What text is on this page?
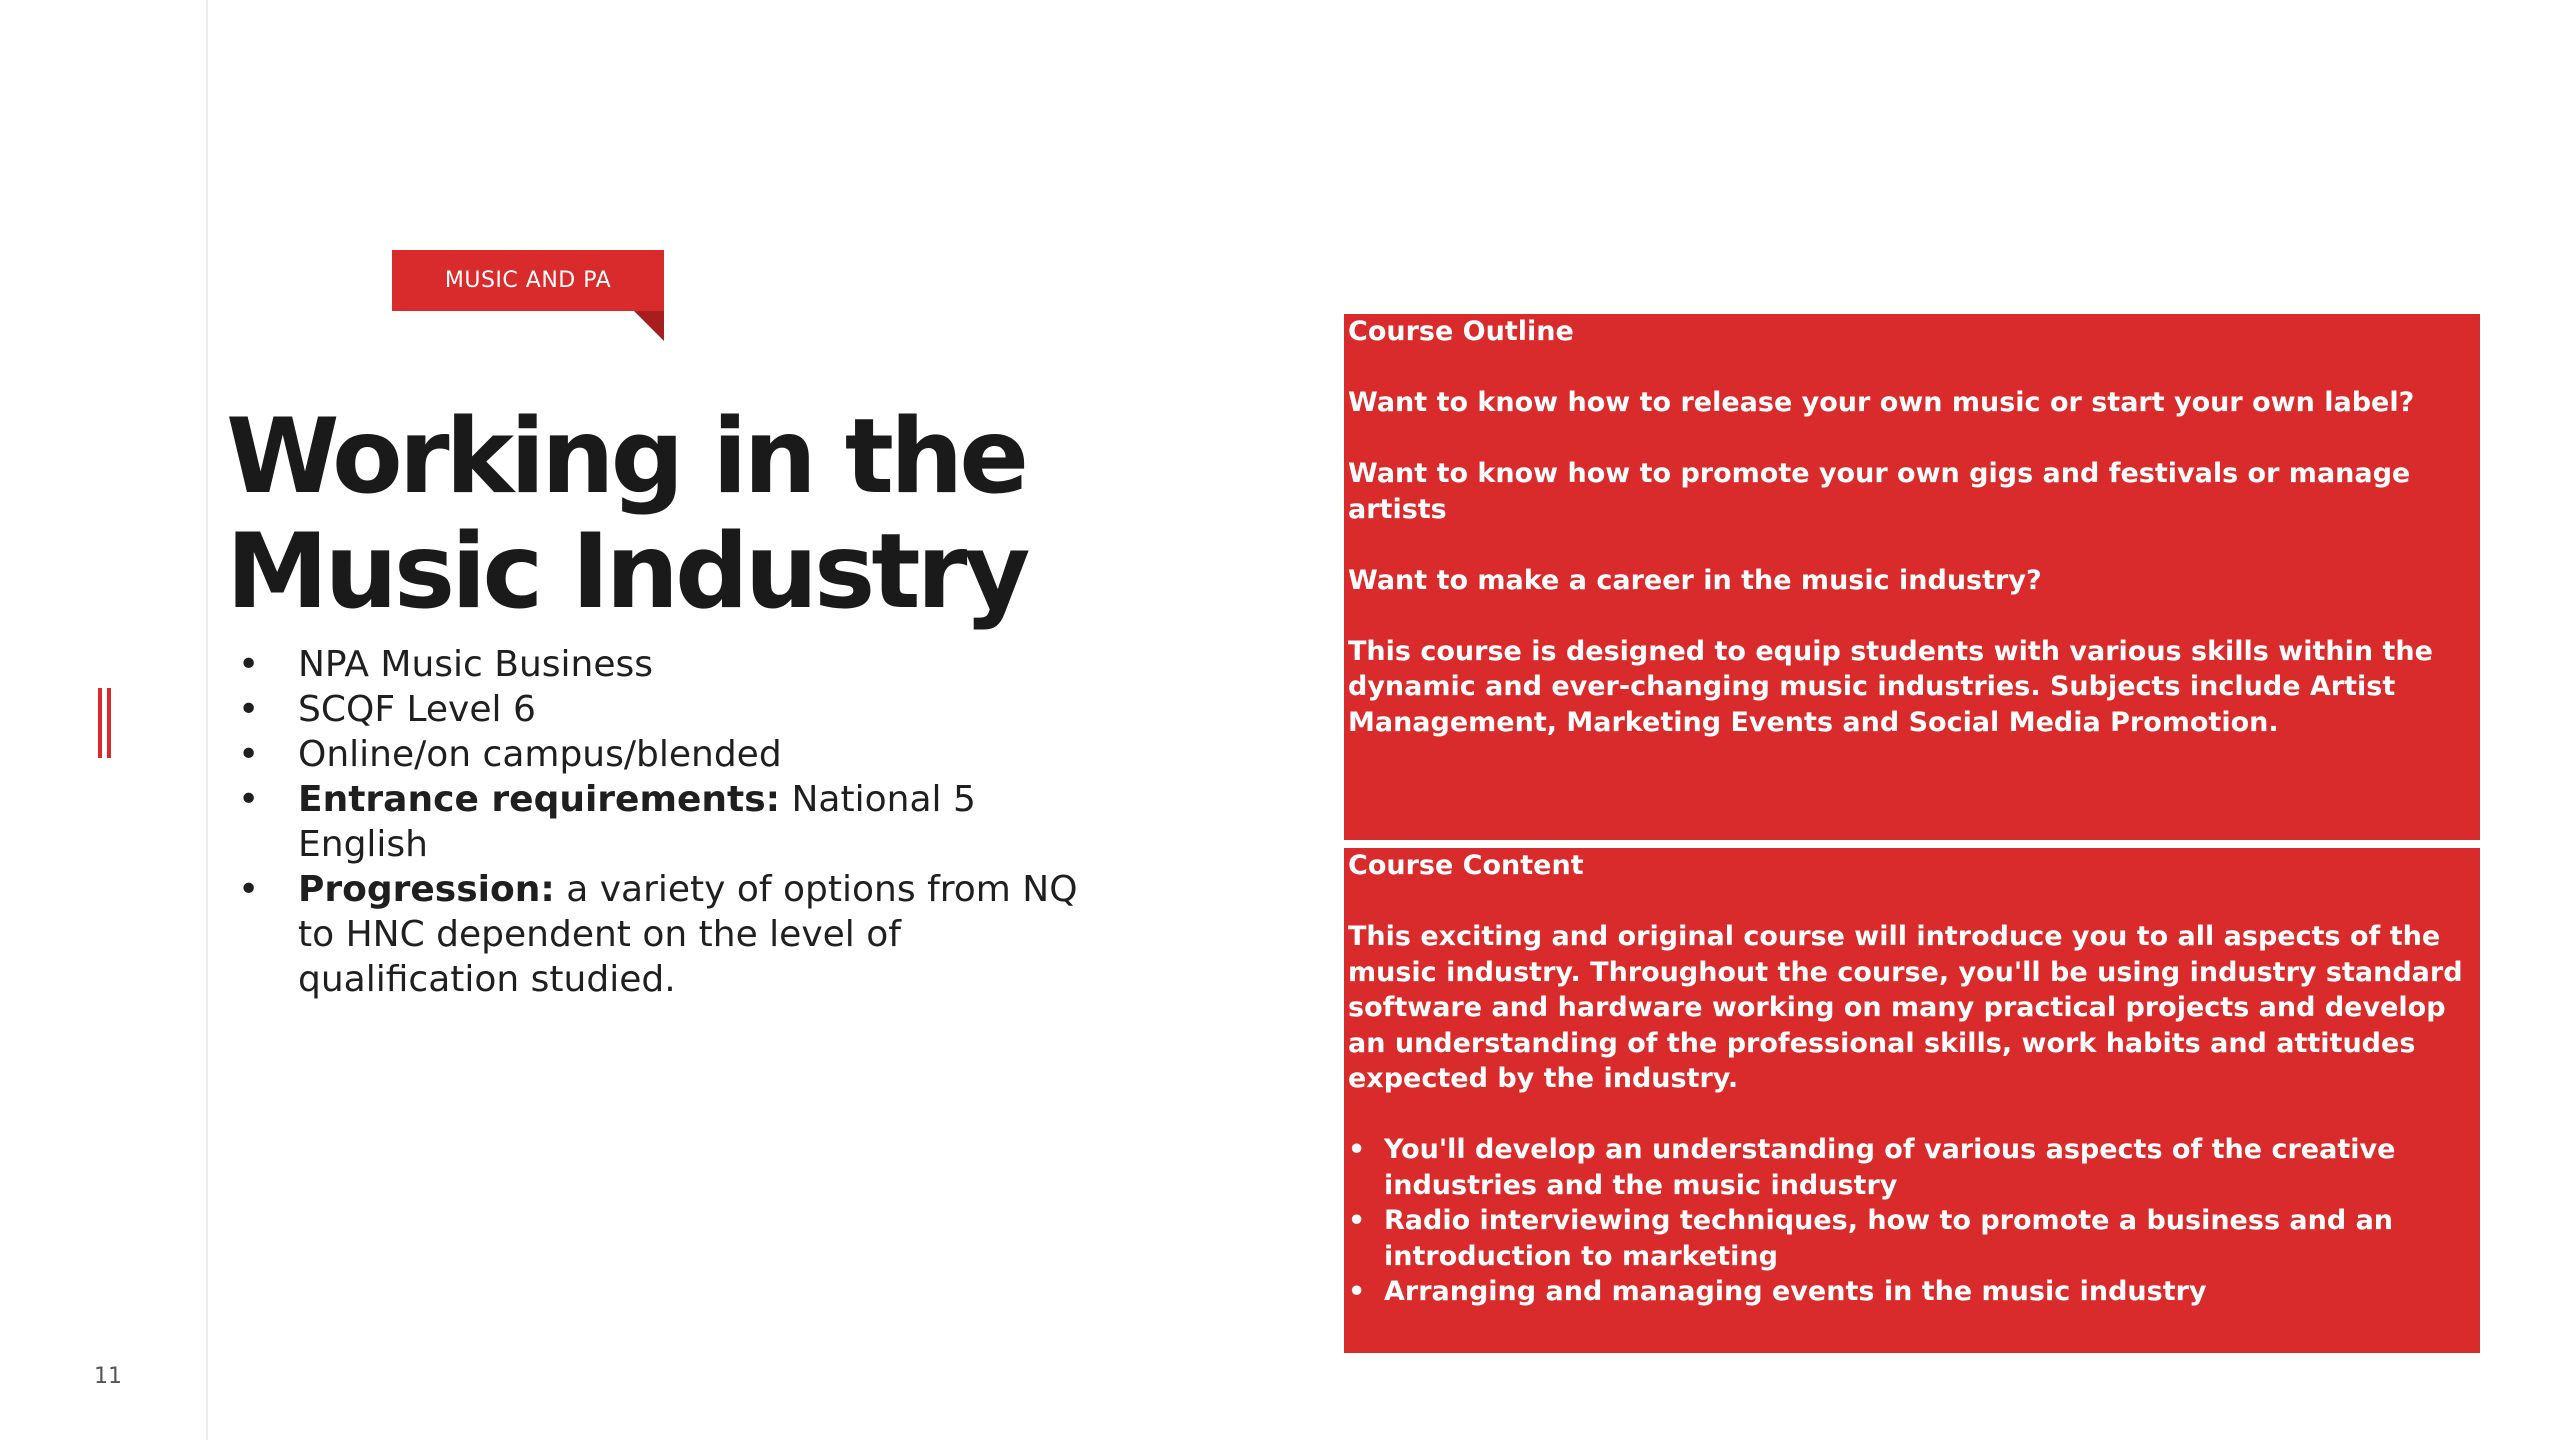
11
MUSIC AND PA
Working in the
Music Industry
• NPA Music Business
• SCQF Level 6
• Online/on campus/blended
• Entrance requirements: National 5 English
• Progression: a variety of options from NQ to HNC dependent on the level of qualification studied.

Course Outline

Want to know how to release your own music or start your own label?

Want to know how to promote your own gigs and festivals or manage artists

Want to make a career in the music industry?

This course is designed to equip students with various skills within the dynamic and ever-changing music industries. Subjects include Artist Management, Marketing Events and Social Media Promotion.

Course Content

This exciting and original course will introduce you to all aspects of the music industry. Throughout the course, you'll be using industry standard software and hardware working on many practical projects and develop an understanding of the professional skills, work habits and attitudes expected by the industry.

• You'll develop an understanding of various aspects of the creative industries and the music industry
• Radio interviewing techniques, how to promote a business and an introduction to marketing
• Arranging and managing events in the music industry
